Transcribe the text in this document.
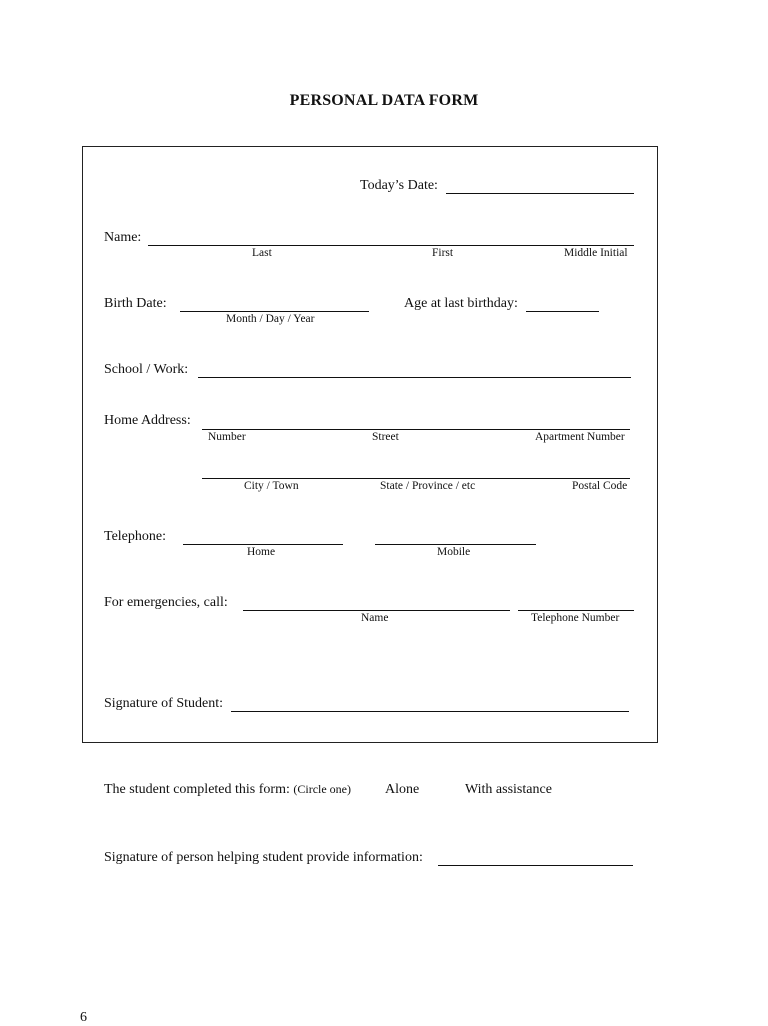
PERSONAL DATA FORM
Today’s Date:
Name:
Last	First	Middle Initial
Birth Date:
Month / Day / Year
Age at last birthday:
School / Work:
Home Address:
Number	Street	Apartment Number
City / Town	State / Province / etc	Postal Code
Telephone:
Home	Mobile
For emergencies, call:
Name	Telephone Number
Signature of Student:
The student completed this form: (Circle one) Alone	With assistance
Signature of person helping student provide information:
6
